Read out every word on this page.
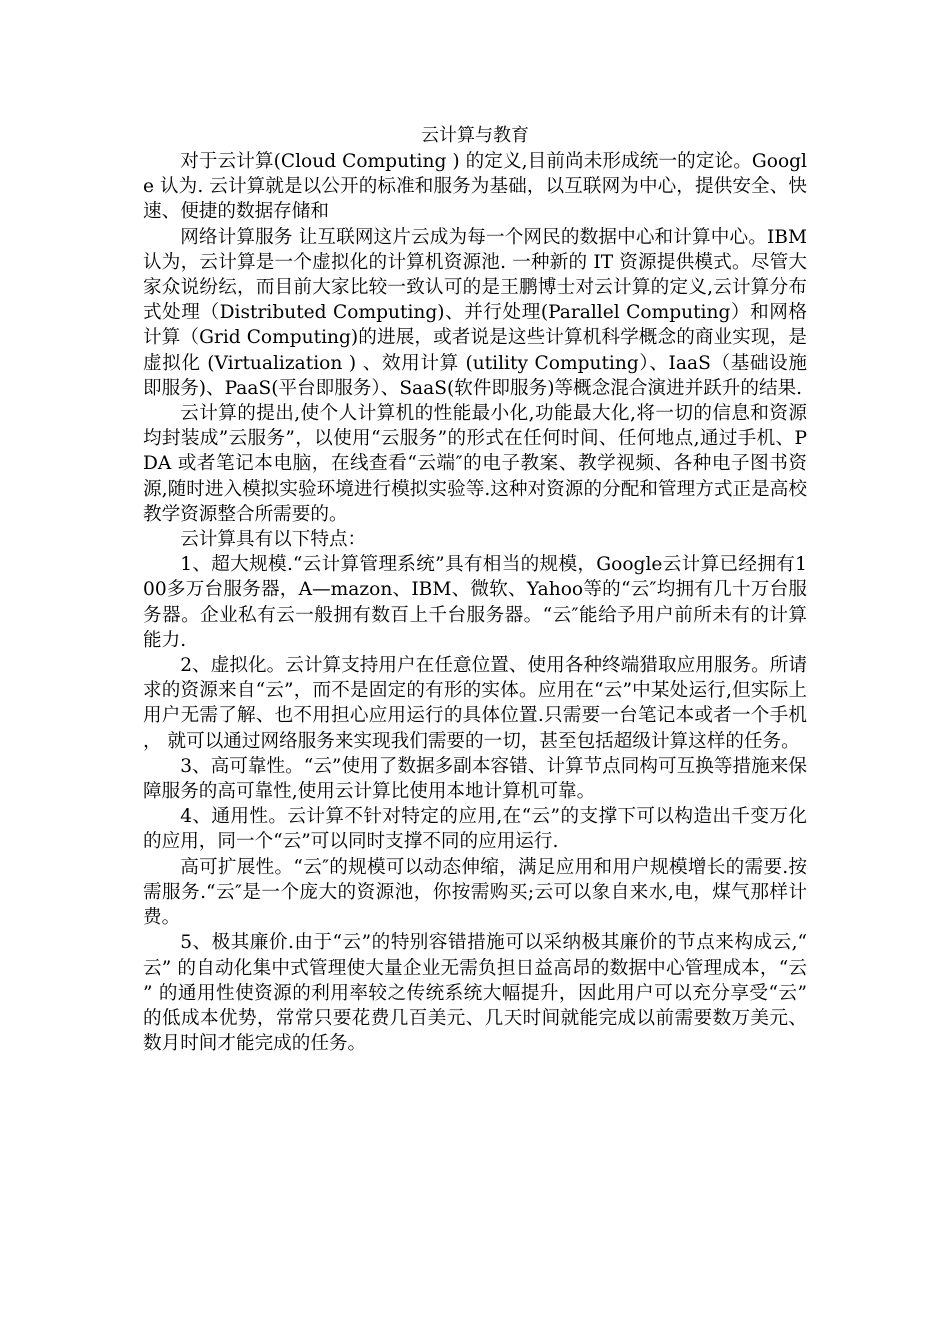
云计算与教育

对于云计算(Cloud Computing ) 的定义,目前尚未形成统一的定论。Google 认为. 云计算就是以公开的标准和服务为基础，以互联网为中心，提供安全、快速、便捷的数据存储和

网络计算服务 让互联网这片云成为每一个网民的数据中心和计算中心。IBM 认为，云计算是一个虚拟化的计算机资源池. 一种新的 IT 资源提供模式。尽管大家众说纷纭，而目前大家比较一致认可的是王鹏博士对云计算的定义,云计算分布式处理（Distributed Computing)、并行处理(Parallel Computing）和网格计算（Grid Computing)的进展，或者说是这些计算机科学概念的商业实现，是虚拟化 (Virtualization ) 、效用计算 (utility Computing）、IaaS（基础设施即服务)、PaaS(平台即服务）、SaaS(软件即服务)等概念混合演进并跃升的结果.

云计算的提出,使个人计算机的性能最小化,功能最大化,将一切的信息和资源均封装成”云服务”，以使用“云服务”的形式在任何时间、任何地点,通过手机、PDA 或者笔记本电脑，在线查看“云端″的电子教案、教学视频、各种电子图书资源,随时进入模拟实验环境进行模拟实验等.这种对资源的分配和管理方式正是高校教学资源整合所需要的。

云计算具有以下特点：

1、超大规模.“云计算管理系统”具有相当的规模，Google云计算已经拥有100多万台服务器，A—mazon、IBM、微软、Yahoo等的“云″均拥有几十万台服务器。企业私有云一般拥有数百上千台服务器。“云″能给予用户前所未有的计算能力.

2、虚拟化。云计算支持用户在任意位置、使用各种终端猎取应用服务。所请求的资源来自“云”，而不是固定的有形的实体。应用在“云”中某处运行,但实际上用户无需了解、也不用担心应用运行的具体位置.只需要一台笔记本或者一个手机， 就可以通过网络服务来实现我们需要的一切，甚至包括超级计算这样的任务。

3、高可靠性。“云”使用了数据多副本容错、计算节点同构可互换等措施来保障服务的高可靠性,使用云计算比使用本地计算机可靠。

4、通用性。云计算不针对特定的应用,在“云”的支撑下可以构造出千变万化的应用，同一个“云”可以同时支撑不同的应用运行.

高可扩展性。“云″的规模可以动态伸缩，满足应用和用户规模增长的需要.按需服务.“云″是一个庞大的资源池，你按需购买;云可以象自来水,电，煤气那样计费。

5、极其廉价.由于“云”的特别容错措施可以采纳极其廉价的节点来构成云,“云” 的自动化集中式管理使大量企业无需负担日益高昂的数据中心管理成本，“云” 的通用性使资源的利用率较之传统系统大幅提升，因此用户可以充分享受“云”的低成本优势，常常只要花费几百美元、几天时间就能完成以前需要数万美元、数月时间才能完成的任务。
